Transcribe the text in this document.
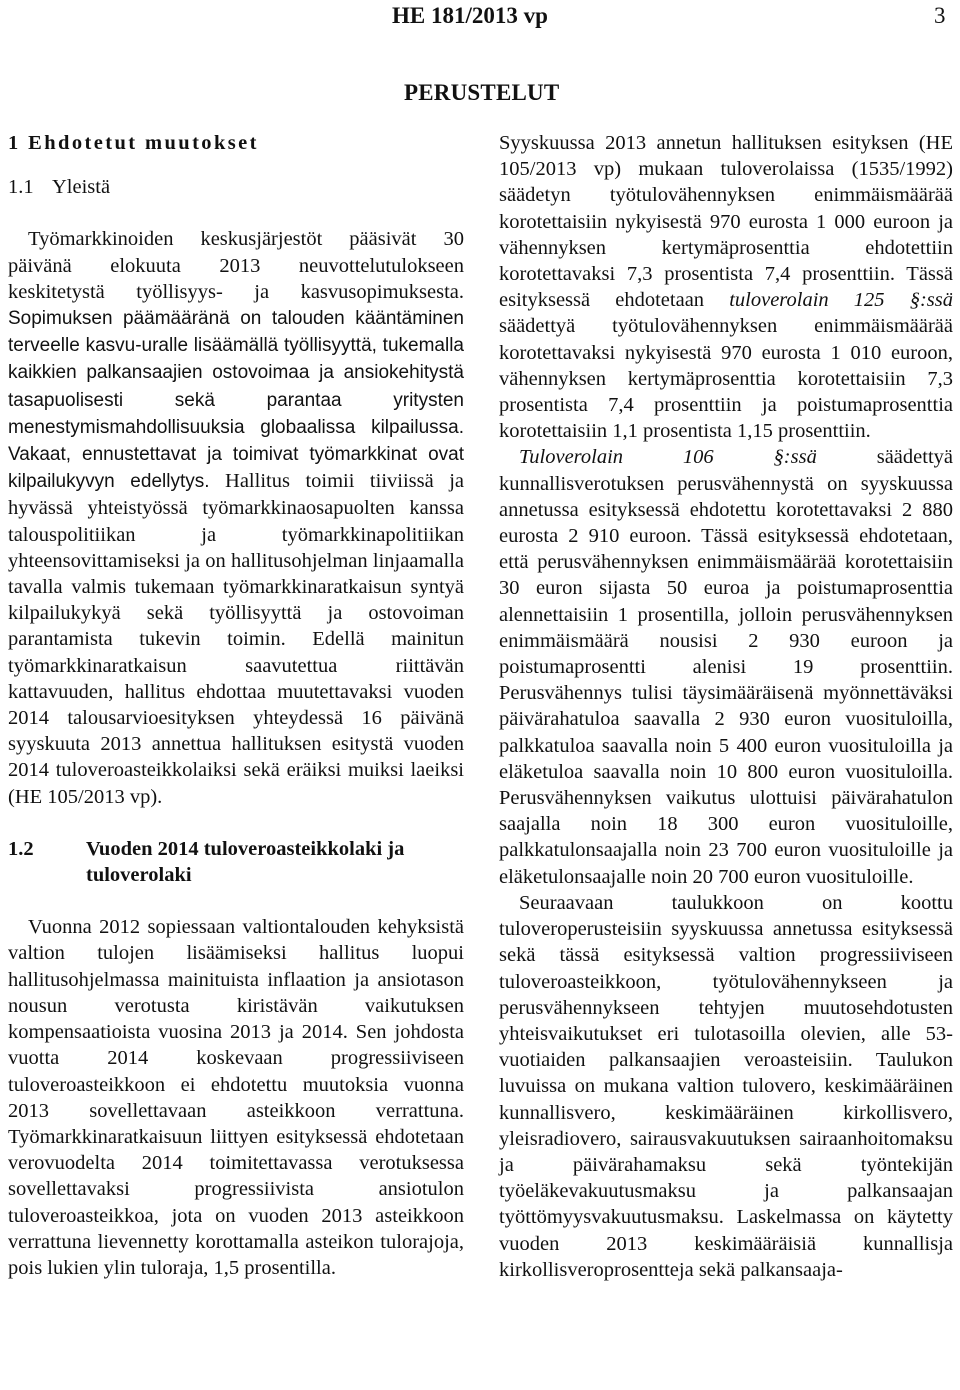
HE 181/2013 vp	3
PERUSTELUT
1 Ehdotetut muutokset
1.1 Yleistä

Työmarkkinoiden keskusjärjestöt pääsivät 30 päivänä elokuuta 2013 neuvottelutulokseen keskitetystä työllisyys- ja kasvusopimuksesta. Sopimuksen päämääränä on talouden kääntäminen terveelle kasvu-uralle lisäämällä työllisyyttä, tukemalla kaikkien palkansaajien ostovoimaa ja ansiokehitystä tasapuolisesti sekä parantaa yritysten menestymismahdollisuuksia globaalissa kilpailussa. Vakaat, ennustettavat ja toimivat työmarkkinat ovat kilpailukyvyn edellytys. Hallitus toimii tiiviissä ja hyvässä yhteistyössä työmarkkinaosapuolten kanssa talouspolitiikan ja työmarkkinapolitiikan yhteensovittamiseksi ja on hallitusohjelman linjaamalla tavalla valmis tukemaan työmarkkinaratkaisun syntyä kilpailukykyä sekä työllisyyttä ja ostovoiman parantamista tukevin toimin. Edellä mainitun työmarkkinaratkaisun saavutettua riittävän kattavuuden, hallitus ehdottaa muutettavaksi vuoden 2014 talousarvioesityksen yhteydessä 16 päivänä syyskuuta 2013 annettua hallituksen esitystä vuoden 2014 tuloveroasteikkolaiksi sekä eräiksi muiksi laeiksi (HE 105/2013 vp).

1.2	Vuoden 2014 tuloveroasteikkolaki ja tuloverolaki

Vuonna 2012 sopiessaan valtiontalouden kehyksistä valtion tulojen lisäämiseksi hallitus luopui hallitusohjelmassa mainituista inflaation ja ansiotason nousun verotusta kiristävän vaikutuksen kompensaatioista vuosina 2013 ja 2014. Sen johdosta vuotta 2014 koskevaan progressiiviseen tuloveroasteikkoon ei ehdotettu muutoksia vuonna 2013 sovellettavaan asteikkoon verrattuna. Työmarkkinaratkaisuun liittyen esityksessä ehdotetaan verovuodelta 2014 toimitettavassa verotuksessa sovellettavaksi progressiivista ansiotulon tuloveroasteikkoa, jota on vuoden 2013 asteikkoon verrattuna lievennetty korottamalla asteikon tulorajoja, pois lukien ylin tuloraja, 1,5 prosentilla.

Syyskuussa 2013 annetun hallituksen esityksen (HE 105/2013 vp) mukaan tuloverolaissa (1535/1992) säädetyn työtulovähennyksen enimmäismäärää korotettaisiin nykyisestä 970 eurosta 1 000 euroon ja vähennyksen kertymäprosenttia ehdotettiin korotettavaksi 7,3 prosentista 7,4 prosenttiin. Tässä esityksessä ehdotetaan tuloverolain 125 §:ssä säädettyä työtulovähennyksen enimmäismäärää korotettavaksi nykyisestä 970 eurosta 1 010 euroon, vähennyksen kertymäprosenttia korotettaisiin 7,3 prosentista 7,4 prosenttiin ja poistumaprosenttia korotettaisiin 1,1 prosentista 1,15 prosenttiin.

Tuloverolain 106 §:ssä	säädettyä kunnallisverotuksen perusvähennystä on syyskuussa annetussa esityksessä ehdotettu korotettavaksi 2 880 eurosta 2 910 euroon. Tässä esityksessä ehdotetaan, että perusvähennyksen enimmäismäärää korotettaisiin 30 euron sijasta 50 euroa ja poistumaprosenttia alennettaisiin 1 prosentilla, jolloin perusvähennyksen enimmäismäärä nousisi 2 930 euroon ja poistumaprosentti alenisi 19 prosenttiin. Perusvähennys tulisi täysimääräisenä myönnettäväksi päivärahatuloa saavalla 2 930 euron vuosituloilla, palkkatuloa saavalla noin 5 400 euron vuosituloilla ja eläketuloa saavalla noin 10 800 euron vuosituloilla. Perusvähennyksen vaikutus ulottuisi päivärahatulon saajalla noin 18 300 euron vuosituloille, palkkatulonsaajalla noin 23 700 euron vuosituloille ja eläketulonsaajalle noin 20 700 euron vuosituloille.

Seuraavaan taulukkoon on koottu tuloveroperusteisiin syyskuussa annetussa esityksessä sekä tässä esityksessä valtion progressiiviseen tuloveroasteikkoon, työtulovähennykseen ja perusvähennykseen tehtyjen muutosehdotusten yhteisvaikutukset eri tulotasoilla olevien, alle 53-vuotiaiden palkansaajien veroasteisiin. Taulukon luvuissa on mukana valtion tulovero, keskimääräinen kunnallisvero, keskimääräinen kirkollisvero, yleisradiovero, sairausvakuutuksen sairaanhoitomaksu ja päivärahamaksu sekä työntekijän työeläkevakuutusmaksu ja palkansaajan työttömyysvakuutusmaksu. Laskelmassa on käytetty vuoden 2013 keskimääräisiä kunnallisja kirkollisveroprosentteja sekä palkansaaja-
